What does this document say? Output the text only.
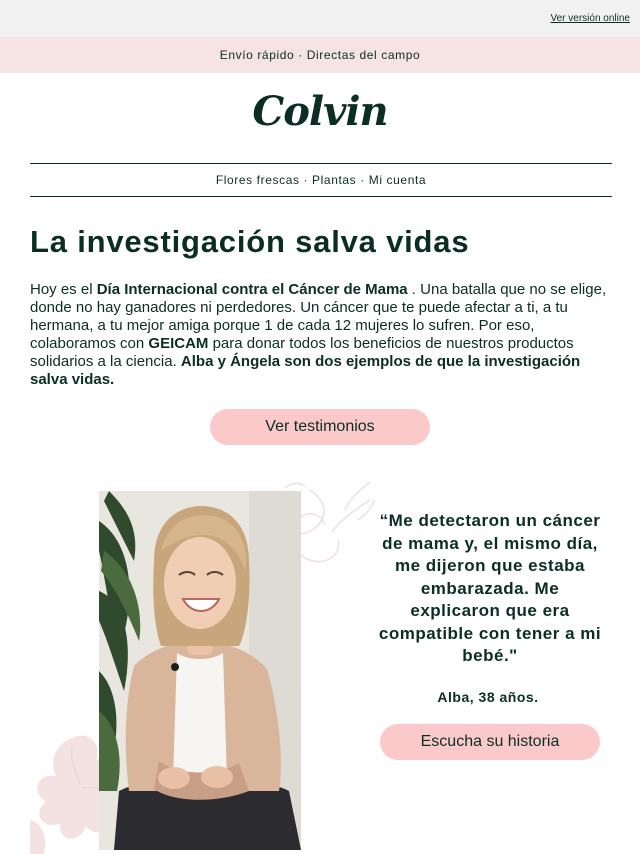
Ver versión online
Envío rápido · Directas del campo
Colvin
Flores frescas · Plantas · Mi cuenta
La investigación salva vidas

Hoy es el Día Internacional contra el Cáncer de Mama . Una batalla que no se elige, donde no hay ganadores ni perdedores. Un cáncer que te puede afectar a ti, a tu hermana, a tu mejor amiga porque 1 de cada 12 mujeres lo sufren. Por eso, colaboramos con GEICAM para donar todos los beneficios de nuestros productos solidarios a la ciencia. Alba y Ángela son dos ejemplos de que la investigación salva vidas.

Ver testimonios
“Me detectaron un cáncer de mama y, el mismo día, me dijeron que estaba embarazada. Me explicaron que era compatible con tener a mi bebé."
Alba, 38 años.
Escucha su historia
